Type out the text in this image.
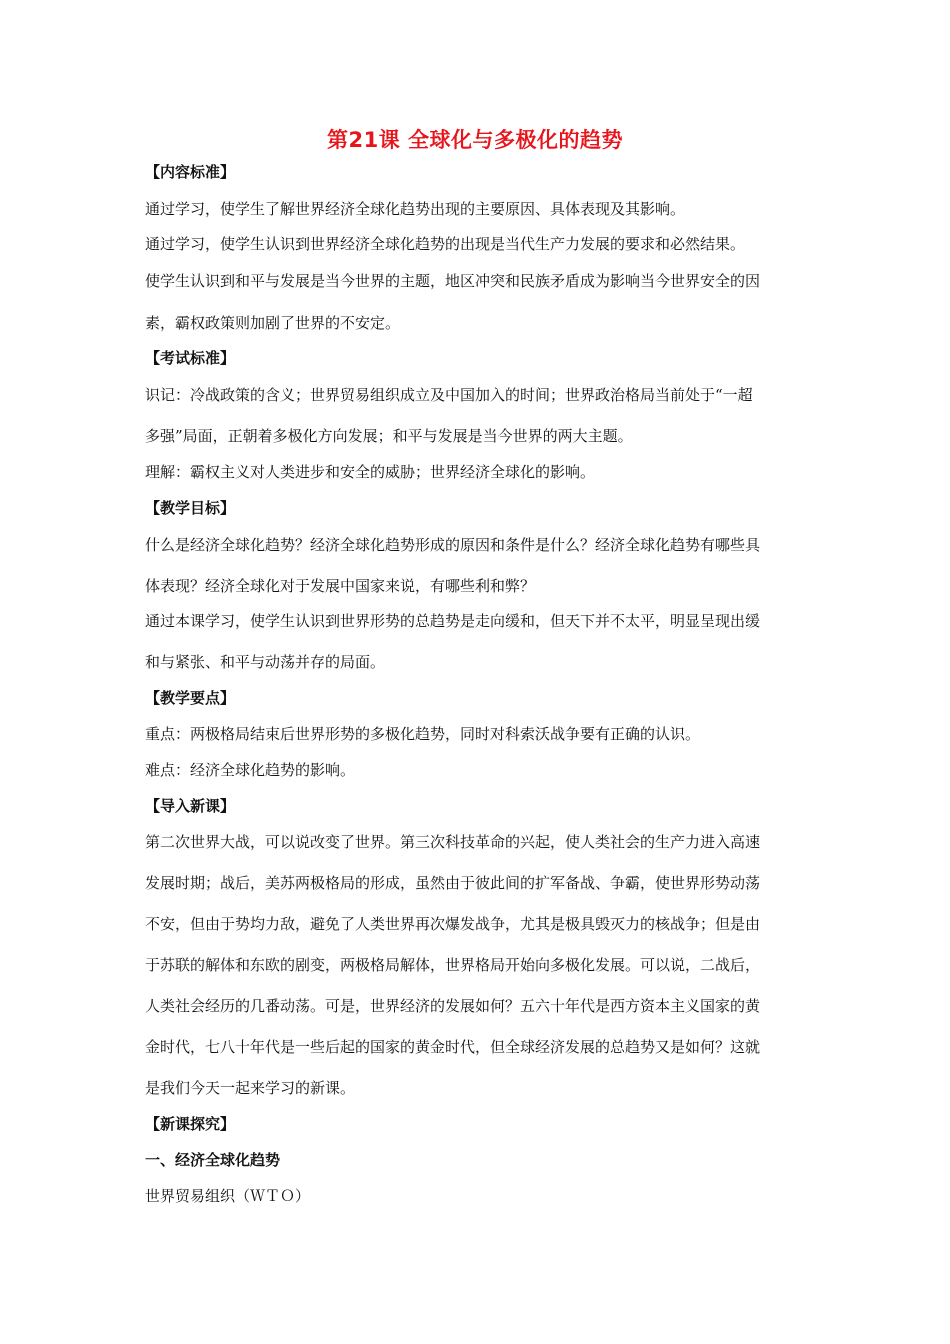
第21课 全球化与多极化的趋势
【内容标准】
通过学习，使学生了解世界经济全球化趋势出现的主要原因、具体表现及其影响。
通过学习，使学生认识到世界经济全球化趋势的出现是当代生产力发展的要求和必然结果。
使学生认识到和平与发展是当今世界的主题，地区冲突和民族矛盾成为影响当今世界安全的因
素，霸权政策则加剧了世界的不安定。
【考试标准】
识记：冷战政策的含义；世界贸易组织成立及中国加入的时间；世界政治格局当前处于“一超
多强”局面，正朝着多极化方向发展；和平与发展是当今世界的两大主题。
理解：霸权主义对人类进步和安全的威胁；世界经济全球化的影响。
【教学目标】
什么是经济全球化趋势？经济全球化趋势形成的原因和条件是什么？经济全球化趋势有哪些具
体表现？经济全球化对于发展中国家来说，有哪些利和弊？
通过本课学习，使学生认识到世界形势的总趋势是走向缓和，但天下并不太平，明显呈现出缓
和与紧张、和平与动荡并存的局面。
【教学要点】
重点：两极格局结束后世界形势的多极化趋势，同时对科索沃战争要有正确的认识。
难点：经济全球化趋势的影响。
【导入新课】
第二次世界大战，可以说改变了世界。第三次科技革命的兴起，使人类社会的生产力进入高速
发展时期；战后，美苏两极格局的形成，虽然由于彼此间的扩军备战、争霸，使世界形势动荡
不安，但由于势均力敌，避免了人类世界再次爆发战争，尤其是极具毁灭力的核战争；但是由
于苏联的解体和东欧的剧变，两极格局解体，世界格局开始向多极化发展。可以说，二战后，
人类社会经历的几番动荡。可是，世界经济的发展如何？五六十年代是西方资本主义国家的黄
金时代，七八十年代是一些后起的国家的黄金时代，但全球经济发展的总趋势又是如何？这就
是我们今天一起来学习的新课。
【新课探究】
一、经济全球化趋势
世界贸易组织（ＷＴＯ）
